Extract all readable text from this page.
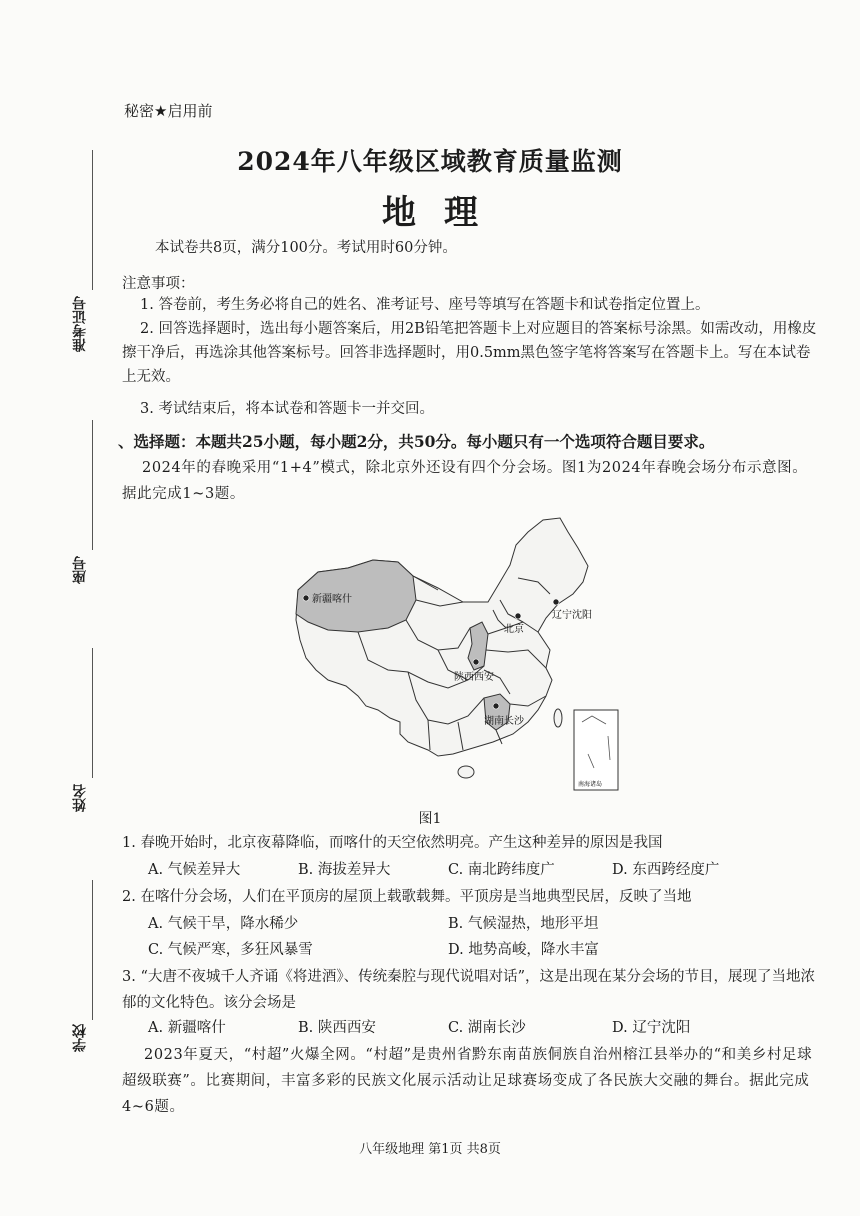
准考证号
座号
姓名
学校
秘密★启用前
2024年八年级区域教育质量监测
地理
本试卷共8页，满分100分。考试用时60分钟。
注意事项：
1. 答卷前，考生务必将自己的姓名、准考证号、座号等填写在答题卡和试卷指定位置上。
2. 回答选择题时，选出每小题答案后，用2B铅笔把答题卡上对应题目的答案标号涂黑。如需改动，用橡皮擦干净后，再选涂其他答案标号。回答非选择题时，用0.5mm黑色签字笔将答案写在答题卡上。写在本试卷上无效。
3. 考试结束后，将本试卷和答题卡一并交回。
、选择题：本题共25小题，每小题2分，共50分。每小题只有一个选项符合题目要求。
2024年的春晚采用“1+4”模式，除北京外还设有四个分会场。图1为2024年春晚会场分布示意图。据此完成1~3题。
南海诸岛
新疆喀什
辽宁沈阳
北京
陕西西安
湖南长沙
图1
1. 春晚开始时，北京夜幕降临，而喀什的天空依然明亮。产生这种差异的原因是我国
A. 气候差异大	B. 海拔差异大	C. 南北跨纬度广	D. 东西跨经度广
2. 在喀什分会场，人们在平顶房的屋顶上载歌载舞。平顶房是当地典型民居，反映了当地
A. 气候干旱，降水稀少	B. 气候湿热，地形平坦
C. 气候严寒，多狂风暴雪	D. 地势高峻，降水丰富
3. “大唐不夜城千人齐诵《将进酒》、传统秦腔与现代说唱对话”，这是出现在某分会场的节目，展现了当地浓郁的文化特色。该分会场是
A. 新疆喀什	B. 陕西西安	C. 湖南长沙	D. 辽宁沈阳
2023年夏天，“村超”火爆全网。“村超”是贵州省黔东南苗族侗族自治州榕江县举办的“和美乡村足球超级联赛”。比赛期间，丰富多彩的民族文化展示活动让足球赛场变成了各民族大交融的舞台。据此完成4~6题。
八年级地理 第1页 共8页
